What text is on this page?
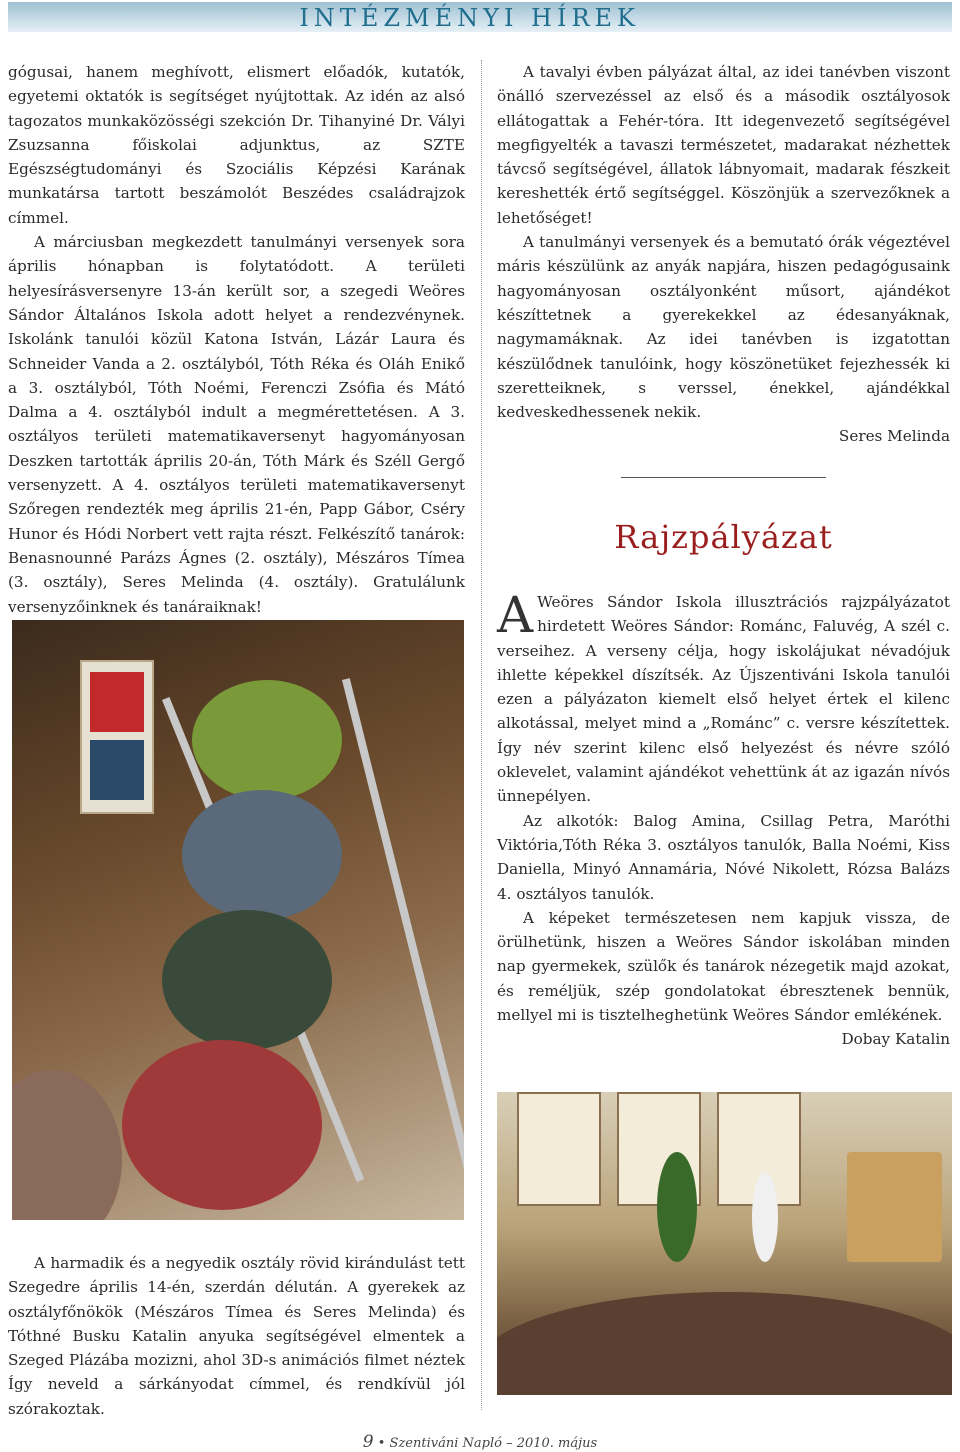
INTÉZMÉNYI HÍREK

gógusai, hanem meghívott, elismert előadók, kutatók, egyetemi oktatók is segítséget nyújtottak. Az idén az alsó tagozatos munkaközösségi szekción Dr. Tihanyiné Dr. Vályi Zsuzsanna főiskolai adjunktus, az SZTE Egészségtudományi és Szociális Képzési Karának munkatársa tartott beszámolót Beszédes családrajzok címmel.

A márciusban megkezdett tanulmányi versenyek sora április hónapban is folytatódott. A területi helyesírásversenyre 13-án került sor, a szegedi Weöres Sándor Általános Iskola adott helyet a rendezvénynek. Iskolánk tanulói közül Katona István, Lázár Laura és Schneider Vanda a 2. osztályból, Tóth Réka és Oláh Enikő a 3. osztályból, Tóth Noémi, Ferenczi Zsófia és Mátó Dalma a 4. osztályból indult a megmérettetésen. A 3. osztályos területi matematikaversenyt hagyományosan Deszken tartották április 20-án, Tóth Márk és Széll Gergő versenyzett. A 4. osztályos területi matematikaversenyt Szőregen rendezték meg április 21-én, Papp Gábor, Cséry Hunor és Hódi Norbert vett rajta részt. Felkészítő tanárok: Benasnounné Parázs Ágnes (2. osztály), Mészáros Tímea (3. osztály), Seres Melinda (4. osztály). Gratulálunk versenyzőinknek és tanáraiknak!

A tavalyi évben pályázat által, az idei tanévben viszont önálló szervezéssel az első és a második osztályosok ellátogattak a Fehér-tóra. Itt idegenvezető segítségével megfigyelték a tavaszi természetet, madarakat nézhettek távcső segítségével, állatok lábnyomait, madarak fészkeit kereshették értő segítséggel. Köszönjük a szervezőknek a lehetőséget!

A tanulmányi versenyek és a bemutató órák végeztével máris készülünk az anyák napjára, hiszen pedagógusaink hagyományosan osztályonként műsort, ajándékot készíttetnek a gyerekekkel az édesanyáknak, nagymamáknak. Az idei tanévben is izgatottan készülődnek tanulóink, hogy köszönetüket fejezhessék ki szeretteiknek, s verssel, énekkel, ajándékkal kedveskedhessenek nekik.

Seres Melinda

Rajzpályázat

A Weöres Sándor Iskola illusztrációs rajzpályázatot hirdetett Weöres Sándor: Románc, Faluvég, A szél c. verseihez. A verseny célja, hogy iskolájukat névadójuk ihlette képekkel díszítsék. Az Újszentiváni Iskola tanulói ezen a pályázaton kiemelt első helyet értek el kilenc alkotással, melyet mind a „Románc” c. versre készítettek. Így név szerint kilenc első helyezést és névre szóló oklevelet, valamint ajándékot vehettünk át az igazán nívós ünnepélyen.

Az alkotók: Balog Amina, Csillag Petra, Maróthi Viktória,Tóth Réka 3. osztályos tanulók, Balla Noémi, Kiss Daniella, Minyó Annamária, Nóvé Nikolett, Rózsa Balázs 4. osztályos tanulók.

A képeket természetesen nem kapjuk vissza, de örülhetünk, hiszen a Weöres Sándor iskolában minden nap gyermekek, szülők és tanárok nézegetik majd azokat, és reméljük, szép gondolatokat ébresztenek bennük, mellyel mi is tisztelheghetünk Weöres Sándor emlékének.

Dobay Katalin

A harmadik és a negyedik osztály rövid kirándulást tett Szegedre április 14-én, szerdán délután. A gyerekek az osztályfőnökök (Mészáros Tímea és Seres Melinda) és Tóthné Busku Katalin anyuka segítségével elmentek a Szeged Plázába mozizni, ahol 3D-s animációs filmet néztek Így neveld a sárkányodat címmel, és rendkívül jól szórakoztak.

9 • Szentiváni Napló – 2010. május
